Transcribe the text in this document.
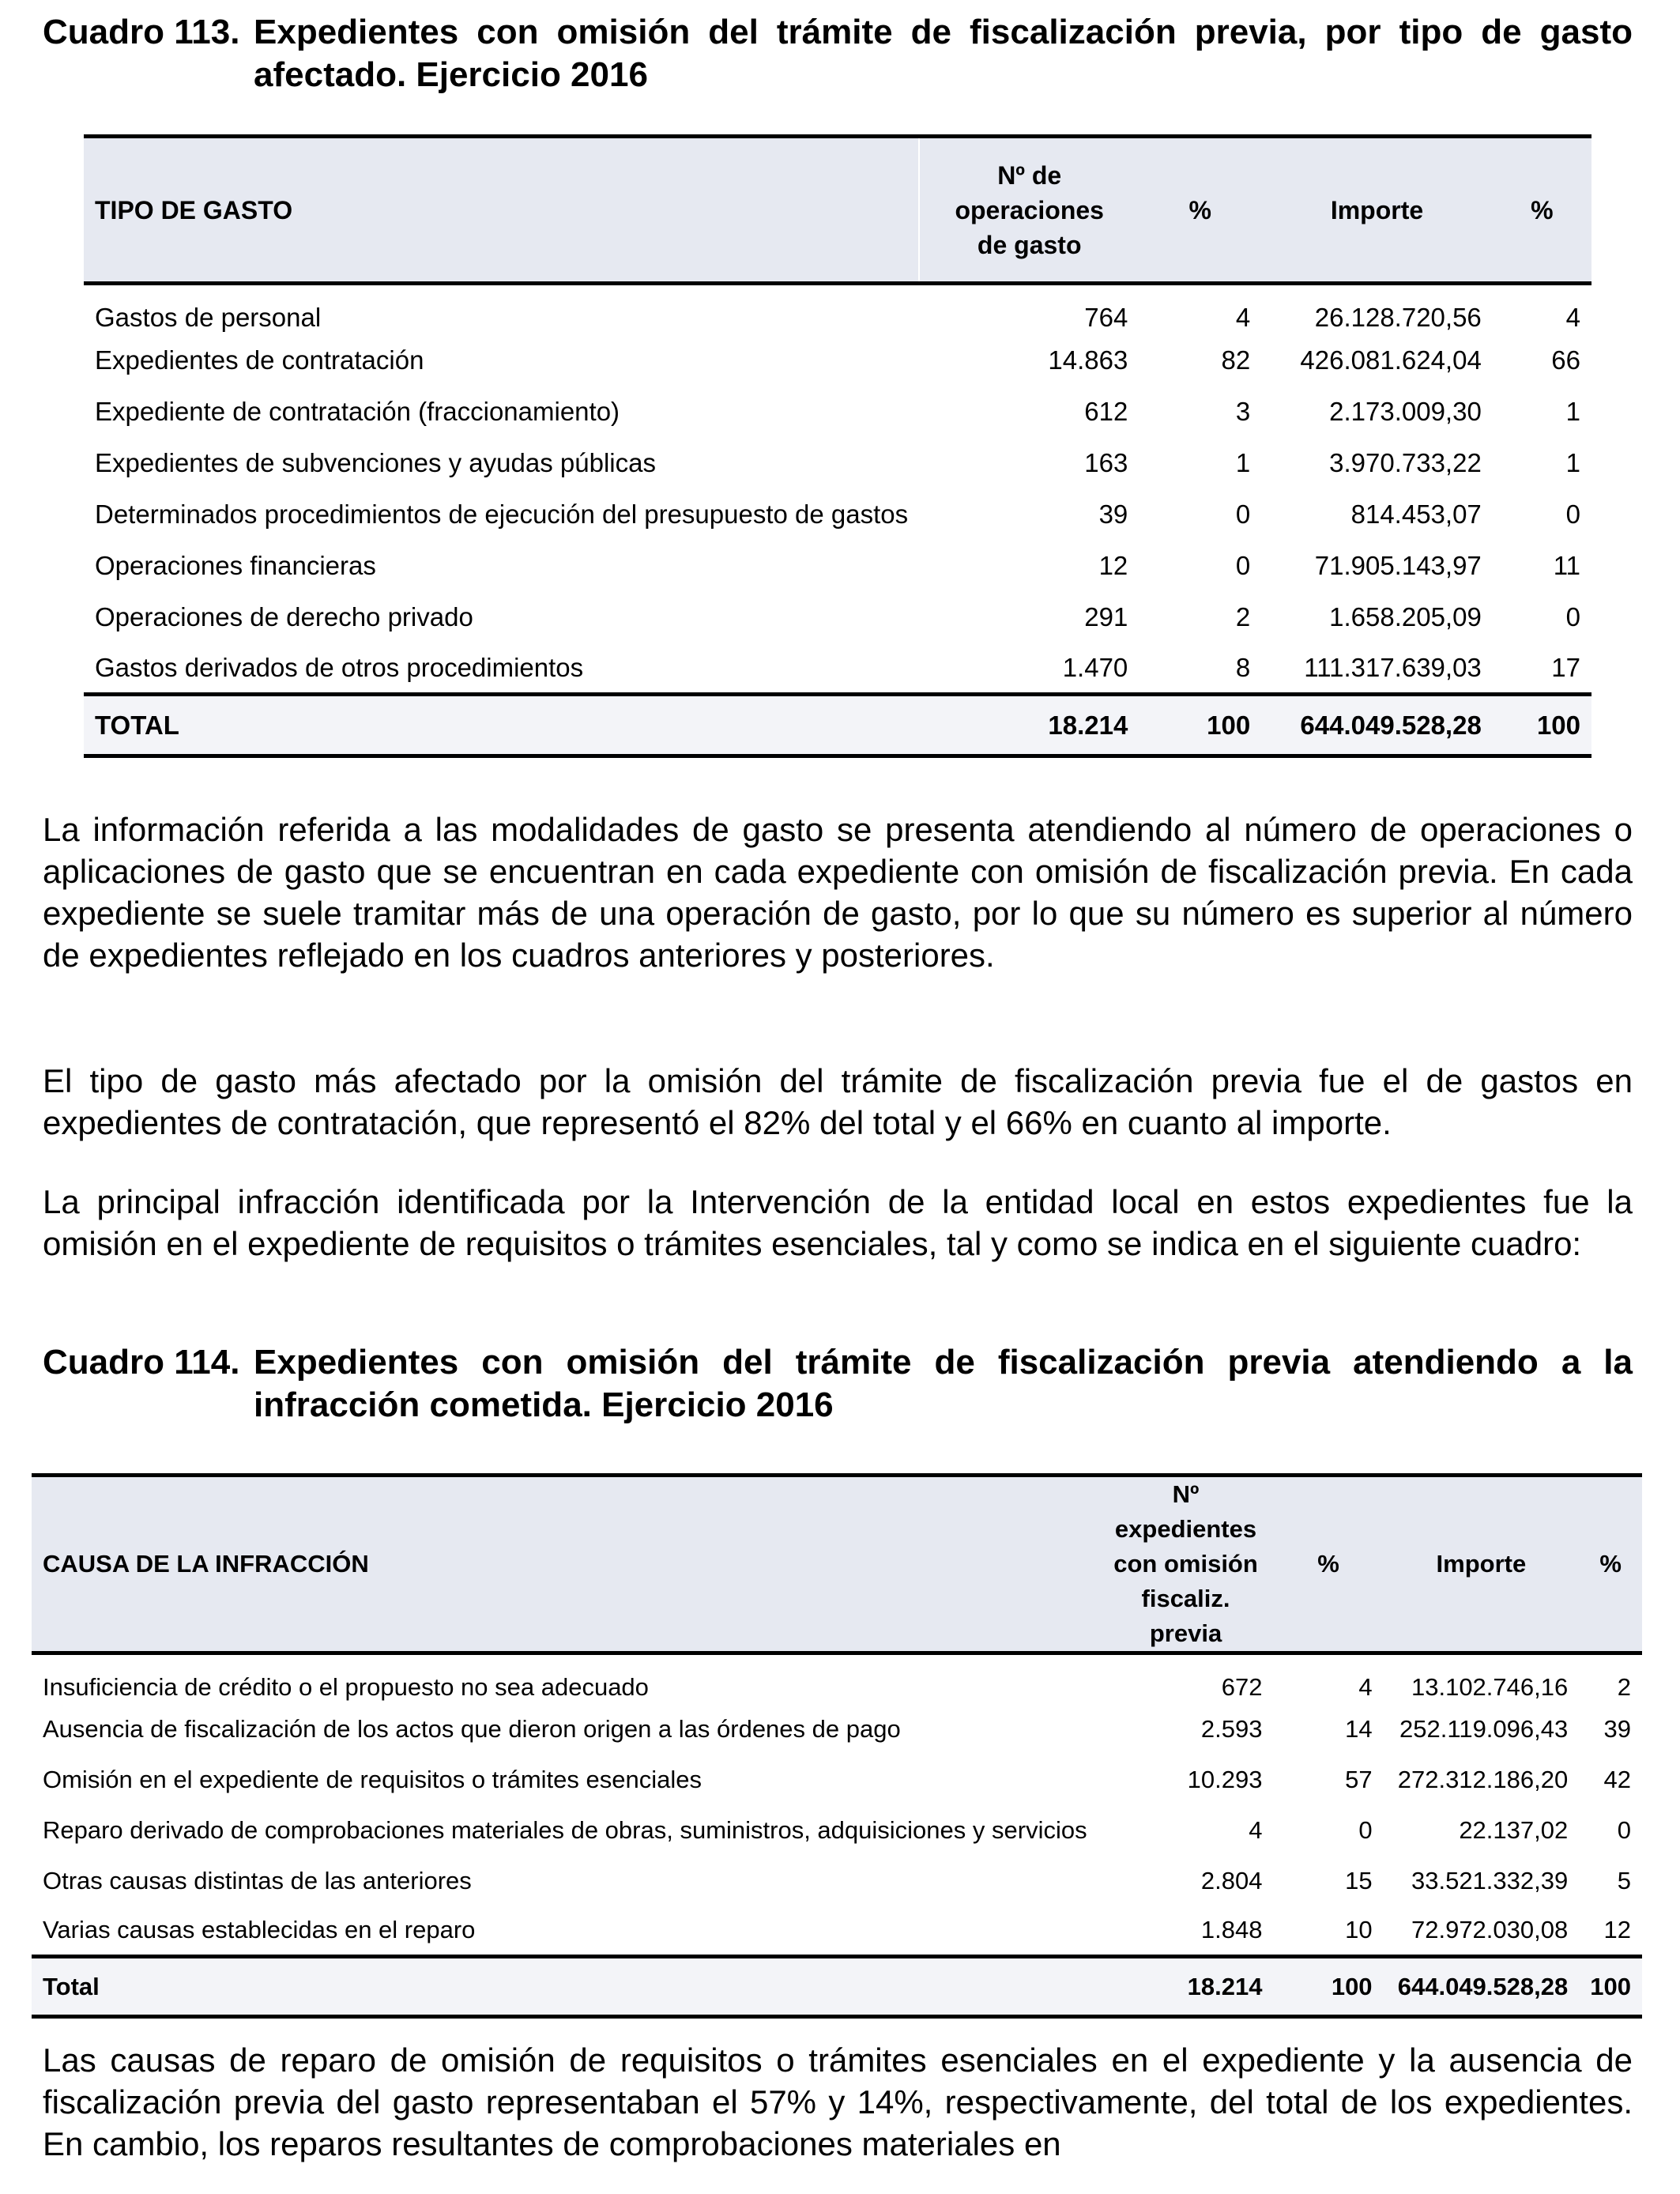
Cuadro 113. Expedientes con omisión del trámite de fiscalización previa, por tipo de gasto afectado. Ejercicio 2016
TIPO DE GASTO	Nº de operaciones de gasto	%	Importe	%
Gastos de personal	764	4	26.128.720,56	4
Expedientes de contratación	14.863	82	426.081.624,04	66
Expediente de contratación (fraccionamiento)	612	3	2.173.009,30	1
Expedientes de subvenciones y ayudas públicas	163	1	3.970.733,22	1
Determinados procedimientos de ejecución del presupuesto de gastos	39	0	814.453,07	0
Operaciones financieras	12	0	71.905.143,97	11
Operaciones de derecho privado	291	2	1.658.205,09	0
Gastos derivados de otros procedimientos	1.470	8	111.317.639,03	17
TOTAL	18.214	100	644.049.528,28	100
La información referida a las modalidades de gasto se presenta atendiendo al número de operaciones o aplicaciones de gasto que se encuentran en cada expediente con omisión de fiscalización previa. En cada expediente se suele tramitar más de una operación de gasto, por lo que su número es superior al número de expedientes reflejado en los cuadros anteriores y posteriores.
El tipo de gasto más afectado por la omisión del trámite de fiscalización previa fue el de gastos en expedientes de contratación, que representó el 82% del total y el 66% en cuanto al importe.
La principal infracción identificada por la Intervención de la entidad local en estos expedientes fue la omisión en el expediente de requisitos o trámites esenciales, tal y como se indica en el siguiente cuadro:
Cuadro 114. Expedientes con omisión del trámite de fiscalización previa atendiendo a la infracción cometida. Ejercicio 2016
CAUSA DE LA INFRACCIÓN	Nº expedientes con omisión fiscaliz. previa	%	Importe	%
Insuficiencia de crédito o el propuesto no sea adecuado	672	4	13.102.746,16	2
Ausencia de fiscalización de los actos que dieron origen a las órdenes de pago	2.593	14	252.119.096,43	39
Omisión en el expediente de requisitos o trámites esenciales	10.293	57	272.312.186,20	42
Reparo derivado de comprobaciones materiales de obras, suministros, adquisiciones y servicios	4	0	22.137,02	0
Otras causas distintas de las anteriores	2.804	15	33.521.332,39	5
Varias causas establecidas en el reparo	1.848	10	72.972.030,08	12
Total	18.214	100	644.049.528,28	100
Las causas de reparo de omisión de requisitos o trámites esenciales en el expediente y la ausencia de fiscalización previa del gasto representaban el 57% y 14%, respectivamente, del total de los expedientes. En cambio, los reparos resultantes de comprobaciones materiales en
